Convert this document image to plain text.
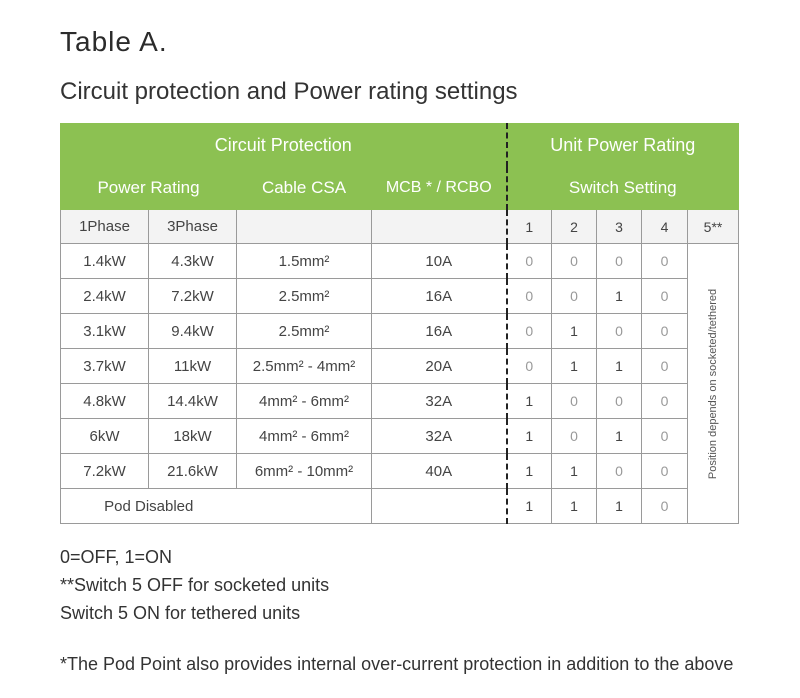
Table A.
Circuit protection and Power rating settings
Circuit Protection				Unit Power Rating				
Power Rating		Cable CSA	MCB * / RCBO	Switch Setting				
1Phase	3Phase			1	2	3	4	5**
1.4kW	4.3kW	1.5mm²	10A	0	0	0	0	Position depends on socketed/tethered

2.4kW	7.2kW	2.5mm²	16A	0	0	1	0	
3.1kW	9.4kW	2.5mm²	16A	0	1	0	0	
3.7kW	11kW	2.5mm² - 4mm²	20A	0	1	1	0	
4.8kW	14.4kW	4mm² - 6mm²	32A	1	0	0	0	
6kW	18kW	4mm² - 6mm²	32A	1	0	1	0	
7.2kW	21.6kW	6mm² - 10mm²	40A	1	1	0	0	
Pod Disabled				1	1	1	0	
0=OFF, 1=ON
**Switch 5 OFF for socketed units
Switch 5 ON for tethered units
*The Pod Point also provides internal over-current protection in addition to the above
